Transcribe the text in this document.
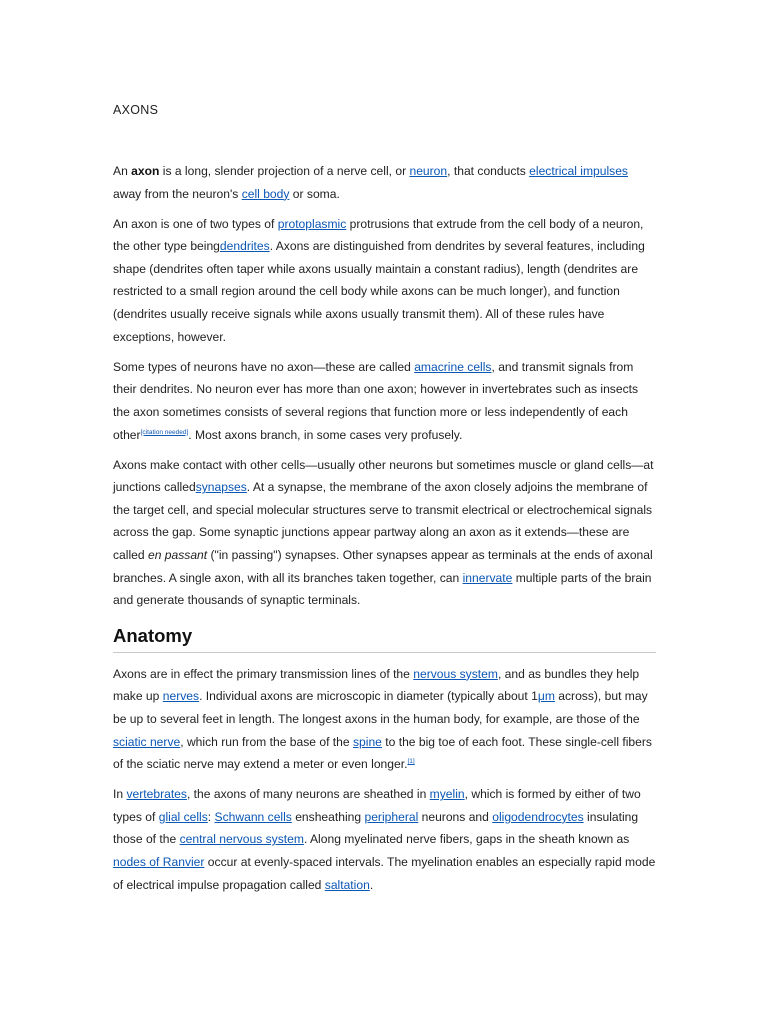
AXONS

An axon is a long, slender projection of a nerve cell, or neuron, that conducts electrical impulses away from the neuron's cell body or soma.

An axon is one of two types of protoplasmic protrusions that extrude from the cell body of a neuron, the other type beingdendrites. Axons are distinguished from dendrites by several features, including shape (dendrites often taper while axons usually maintain a constant radius), length (dendrites are restricted to a small region around the cell body while axons can be much longer), and function (dendrites usually receive signals while axons usually transmit them). All of these rules have exceptions, however.

Some types of neurons have no axon—these are called amacrine cells, and transmit signals from their dendrites. No neuron ever has more than one axon; however in invertebrates such as insects the axon sometimes consists of several regions that function more or less independently of each other[citation needed]. Most axons branch, in some cases very profusely.

Axons make contact with other cells—usually other neurons but sometimes muscle or gland cells—at junctions calledsynapses. At a synapse, the membrane of the axon closely adjoins the membrane of the target cell, and special molecular structures serve to transmit electrical or electrochemical signals across the gap. Some synaptic junctions appear partway along an axon as it extends—these are called en passant ("in passing") synapses. Other synapses appear as terminals at the ends of axonal branches. A single axon, with all its branches taken together, can innervate multiple parts of the brain and generate thousands of synaptic terminals.

Anatomy

Axons are in effect the primary transmission lines of the nervous system, and as bundles they help make up nerves. Individual axons are microscopic in diameter (typically about 1μm across), but may be up to several feet in length. The longest axons in the human body, for example, are those of the sciatic nerve, which run from the base of the spine to the big toe of each foot. These single-cell fibers of the sciatic nerve may extend a meter or even longer.[1]

In vertebrates, the axons of many neurons are sheathed in myelin, which is formed by either of two types of glial cells: Schwann cells ensheathing peripheral neurons and oligodendrocytes insulating those of the central nervous system. Along myelinated nerve fibers, gaps in the sheath known as nodes of Ranvier occur at evenly-spaced intervals. The myelination enables an especially rapid mode of electrical impulse propagation called saltation.
